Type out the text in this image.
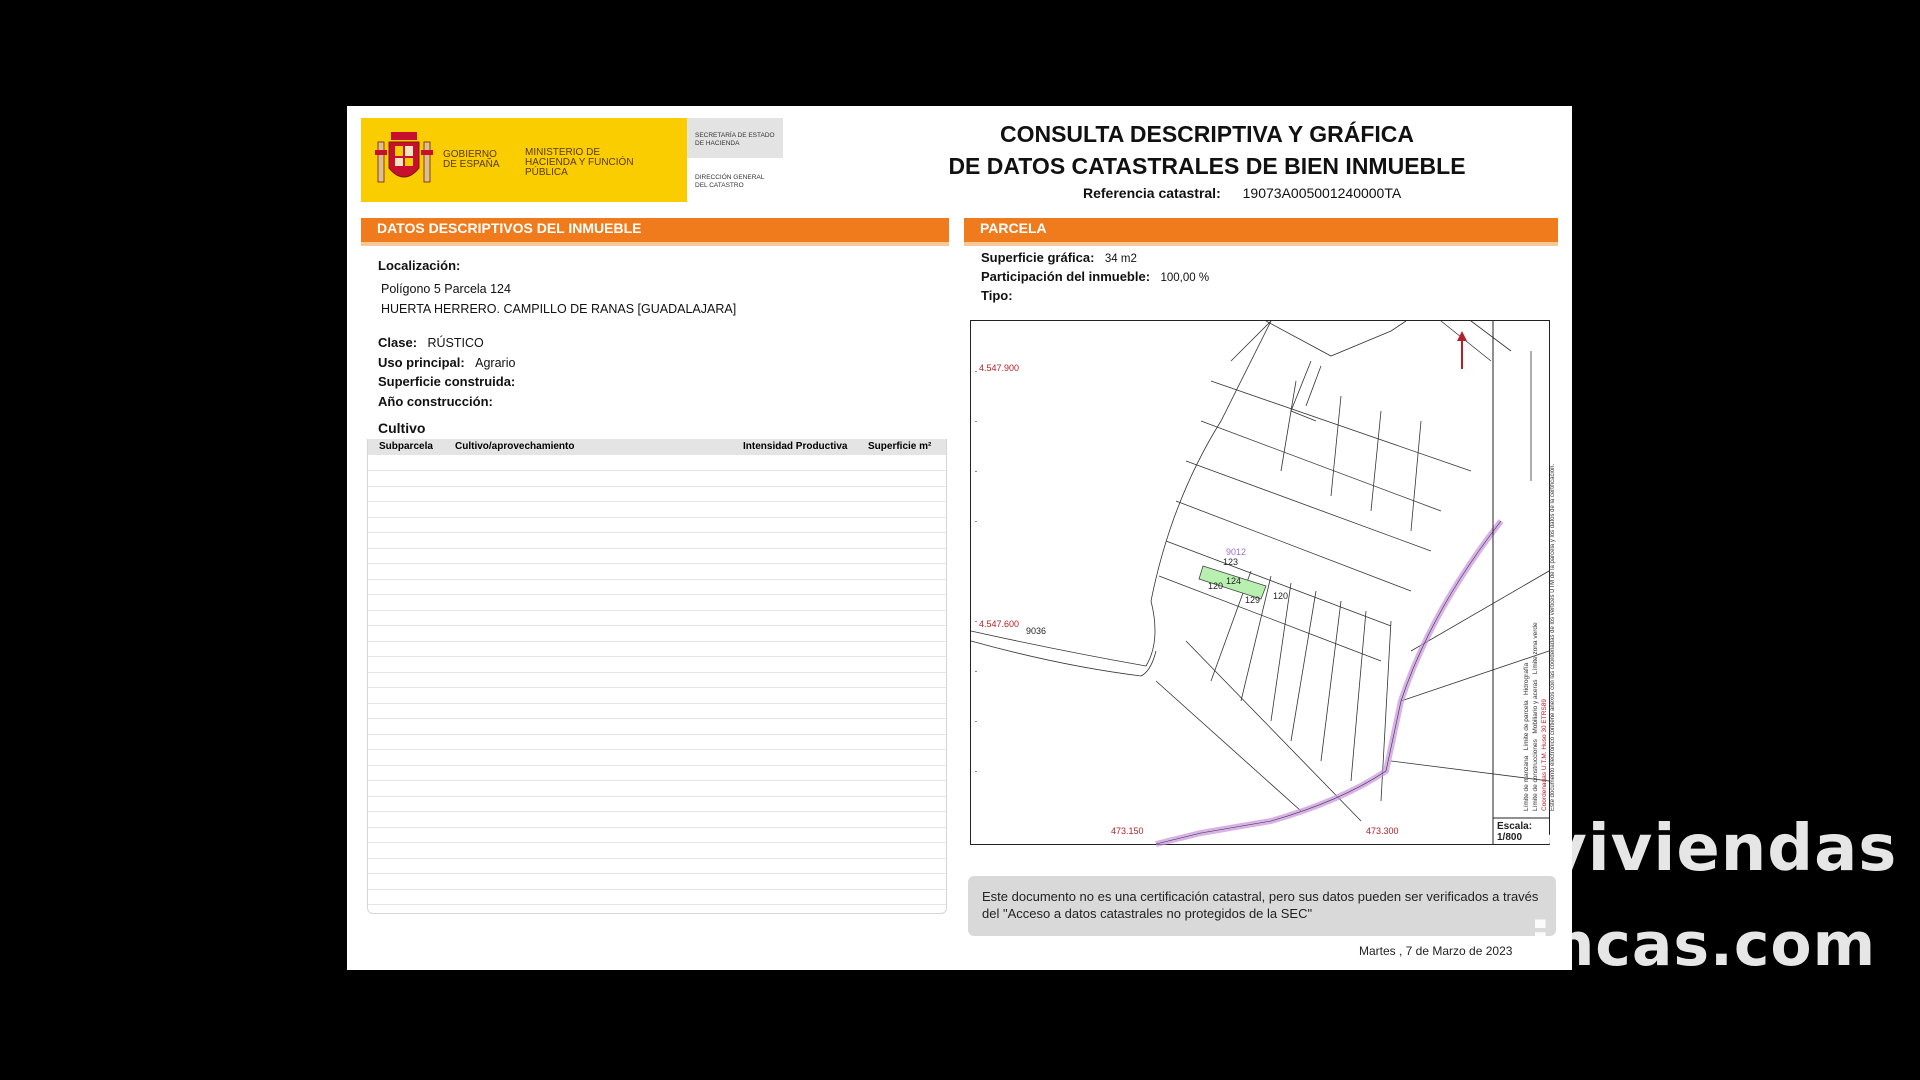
GOBIERNO DE ESPAÑA
MINISTERIO DE HACIENDA Y FUNCIÓN PÚBLICA
SECRETARÍA DE ESTADO DE HACIENDA
DIRECCIÓN GENERAL DEL CATASTRO
CONSULTA DESCRIPTIVA Y GRÁFICA
DE DATOS CATASTRALES DE BIEN INMUEBLE
Referencia catastral: 19073A005001240000TA
DATOS DESCRIPTIVOS DEL INMUEBLE	PARCELA
Localización:
Polígono 5 Parcela 124
HUERTA HERRERO. CAMPILLO DE RANAS [GUADALAJARA]
Clase: RÚSTICO
Uso principal: Agrario
Superficie construida:
Año construcción:
Cultivo
Subparcela Cultivo/aprovechamiento	Intensidad Productiva Superficie m²
Superficie gráfica: 34 m2
Participación del inmueble: 100,00 %
Tipo:
4.547.900
4.547.600
473.150	473.300
9036
123
124
120
120
129
9012
Escala:
1/800
Límite de manzana   Límite de parcela   Hidrografía
Límite de construcciones   Mobiliario y aceras   Límite zona verde
Coordenadas U.T.M. Huso 30 ETRS89 Este documento electrónico contiene anexos con las coordenadas de los vértices UTM de la parcela y los datos de la certificación.
Este documento no es una certificación catastral, pero sus datos pueden ser verificados a través del "Acceso a datos catastrales no protegidos de la SEC"
Martes , 7 de Marzo de 2023
viviendas
incas.com
